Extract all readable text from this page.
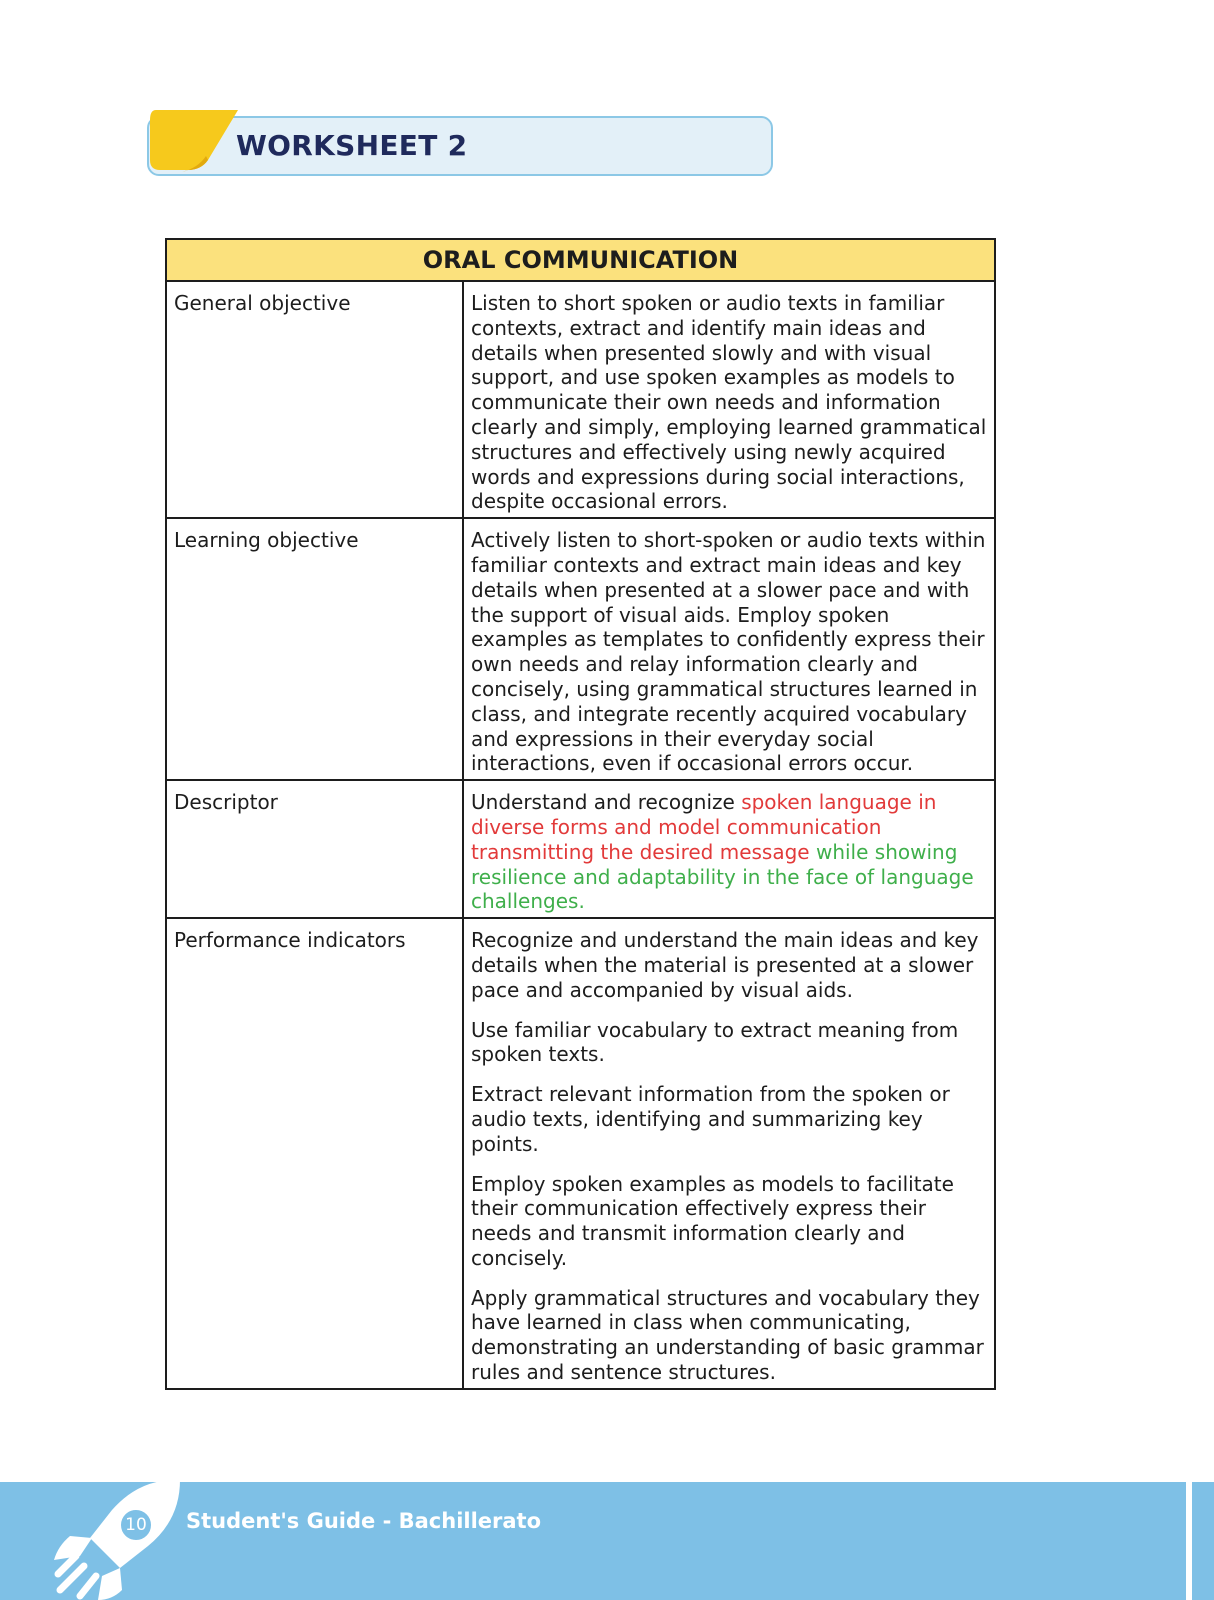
WORKSHEET 2
ORAL COMMUNICATION	
General objective	Listen to short spoken or audio texts in familiar contexts, extract and identify main ideas and details when presented slowly and with visual support, and use spoken examples as models to communicate their own needs and information clearly and simply, employing learned grammatical structures and effectively using newly acquired words and expressions during social interactions, despite occasional errors.
Learning objective	Actively listen to short-spoken or audio texts within familiar contexts and extract main ideas and key details when presented at a slower pace and with the support of visual aids. Employ spoken examples as templates to confidently express their own needs and relay information clearly and concisely, using grammatical structures learned in class, and integrate recently acquired vocabulary and expressions in their everyday social interactions, even if occasional errors occur.
Descriptor	Understand and recognize spoken language in diverse forms and model communication transmitting the desired message while showing resilience and adaptability in the face of language challenges.
Performance indicators	Recognize and understand the main ideas and key details when the material is presented at a slower pace and accompanied by visual aids.
Use familiar vocabulary to extract meaning from spoken texts.
Extract relevant information from the spoken or audio texts, identifying and summarizing key points.
Employ spoken examples as models to facilitate their communication effectively express their needs and transmit information clearly and concisely.
Apply grammatical structures and vocabulary they have learned in class when communicating, demonstrating an understanding of basic grammar rules and sentence structures.
10 Student's Guide - Bachillerato
